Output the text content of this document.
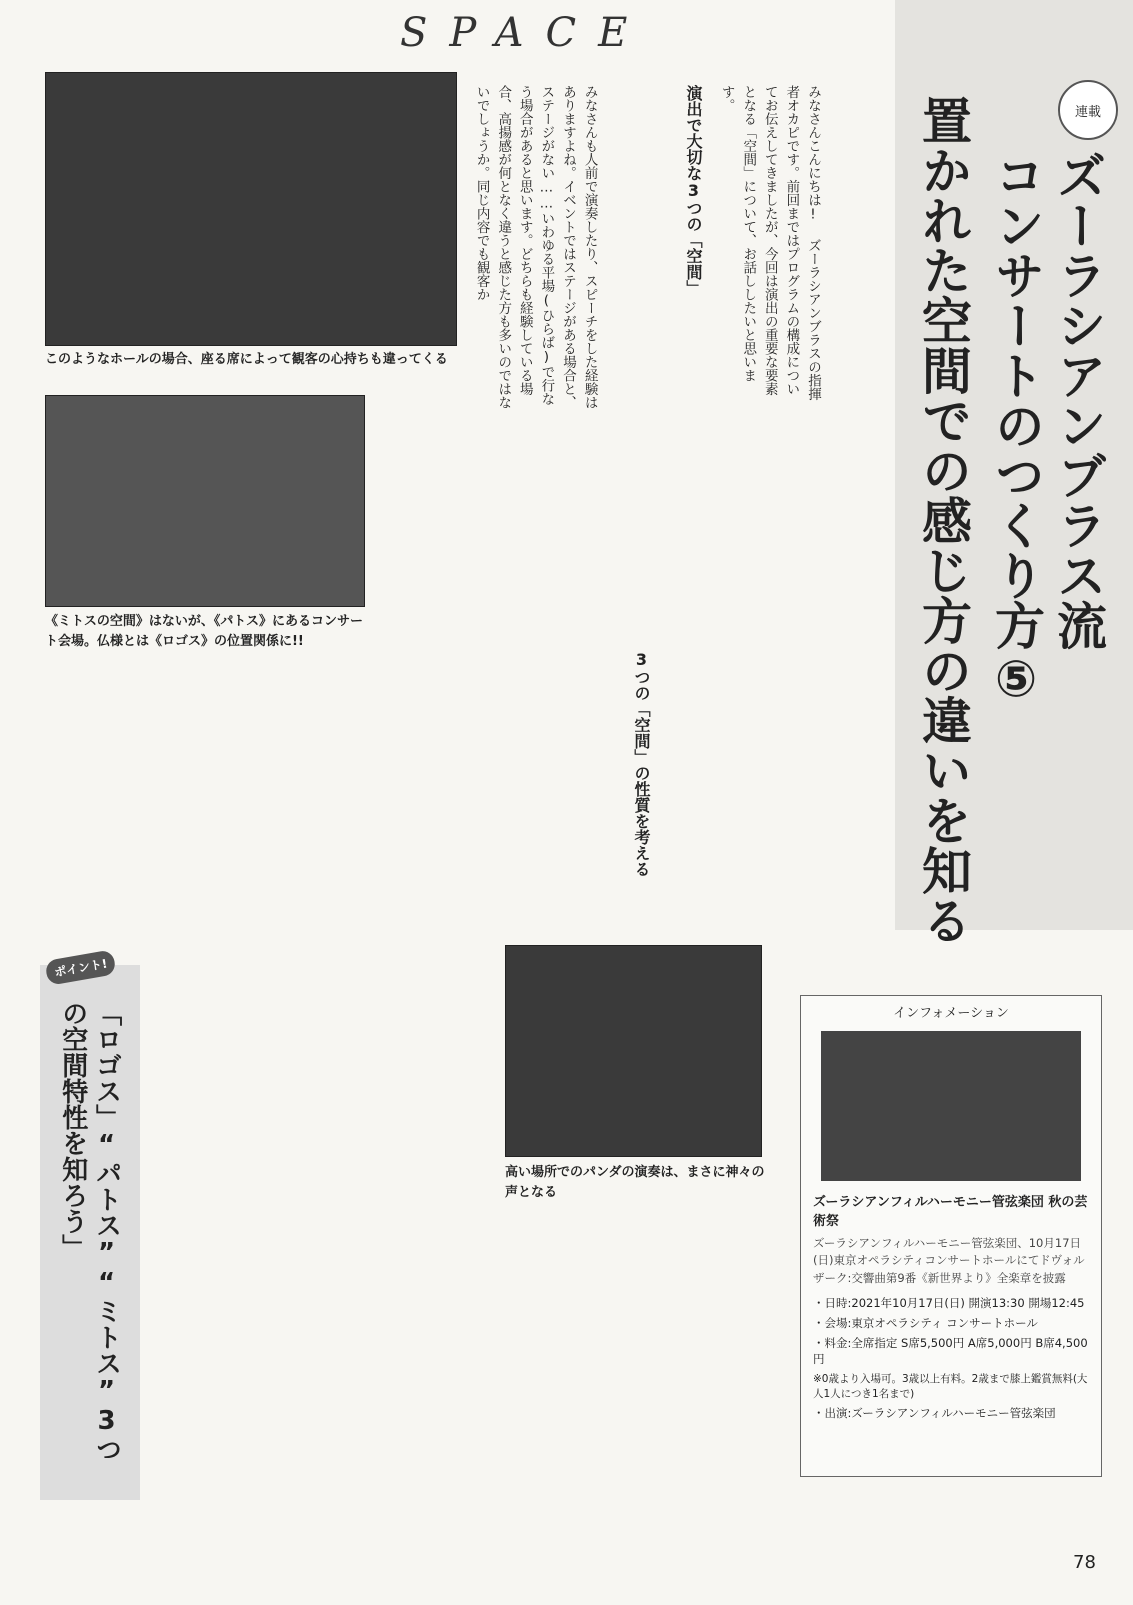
SPACE
連載
ズーラシアンブラス流
コンサートのつくり方⑤
置かれた空間での感じ方の違いを知る
このようなホールの場合、座る席によって観客の心持ちも違ってくる
《ミトスの空間》はないが、《パトス》にあるコンサート会場。仏様とは《ロゴス》の位置関係に!!
みなさんこんにちは! ズーラシアンブラスの指揮者オカピです。前回まではプログラムの構成についてお伝えしてきましたが、今回は演出の重要な要素となる「空間」について、お話ししたいと思います。
演出で大切な3つの「空間」
みなさんも人前で演奏したり、スピーチをした経験はありますよね。イベントではステージがある場合と、ステージがない……いわゆる平場(ひらば)で行なう場合があると思います。どちらも経験している場合、高揚感が何となく違うと感じた方も多いのではないでしょうか。同じ内容でも観客か
3つの「空間」の性質を考える
高い場所でのパンダの演奏は、まさに神々の声となる
ポイント!
「ロゴス」“パトス”“ミトス”3つの空間特性を知ろう」	インフォメーション
ズーラシアンフィルハーモニー管弦楽団 秋の芸術祭
ズーラシアンフィルハーモニー管弦楽団、10月17日(日)東京オペラシティコンサートホールにてドヴォルザーク:交響曲第9番《新世界より》全楽章を披露
・日時:2021年10月17日(日) 開演13:30 開場12:45
・会場:東京オペラシティ コンサートホール
・料金:全席指定 S席5,500円 A席5,000円 B席4,500円
※0歳より入場可。3歳以上有料。2歳まで膝上鑑賞無料(大人1人につき1名まで)
・出演:ズーラシアンフィルハーモニー管弦楽団
78
